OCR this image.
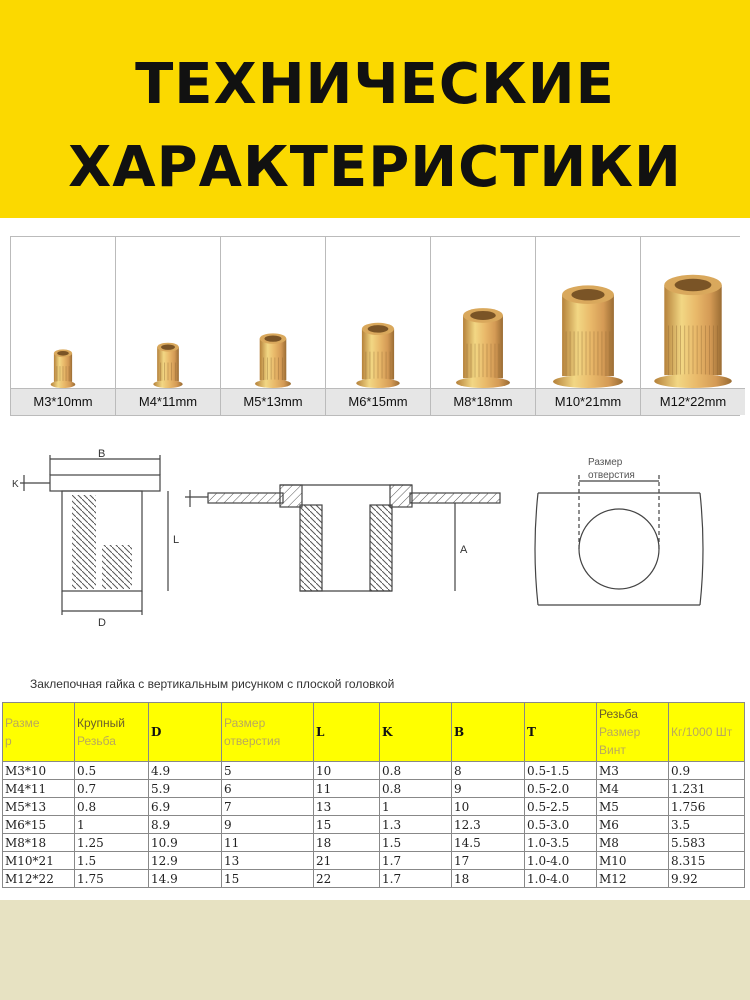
ТЕХНИЧЕСКИЕ
ХАРАКТЕРИСТИКИ
M3*10mm	M4*11mm	M5*13mm	M6*15mm	M8*18mm	M10*21mm	M12*22mm
B
D
L
K
A
Размер
отверстия
Заклепочная гайка с вертикальным рисунком с плоской головкой
Разме
р	Крупный
Резьба	D	Размер
отверстия	L	K	B	T	Резьба
Размер
Винт	Кг/1000 Шт
M3*10	0.5	4.9	5	10	0.8	8	0.5-1.5	M3	0.9
M4*11	0.7	5.9	6	11	0.8	9	0.5-2.0	M4	1.231
M5*13	0.8	6.9	7	13	1	10	0.5-2.5	M5	1.756
M6*15	1	8.9	9	15	1.3	12.3	0.5-3.0	M6	3.5
M8*18	1.25	10.9	11	18	1.5	14.5	1.0-3.5	M8	5.583
M10*21	1.5	12.9	13	21	1.7	17	1.0-4.0	M10	8.315
M12*22	1.75	14.9	15	22	1.7	18	1.0-4.0	M12	9.92
